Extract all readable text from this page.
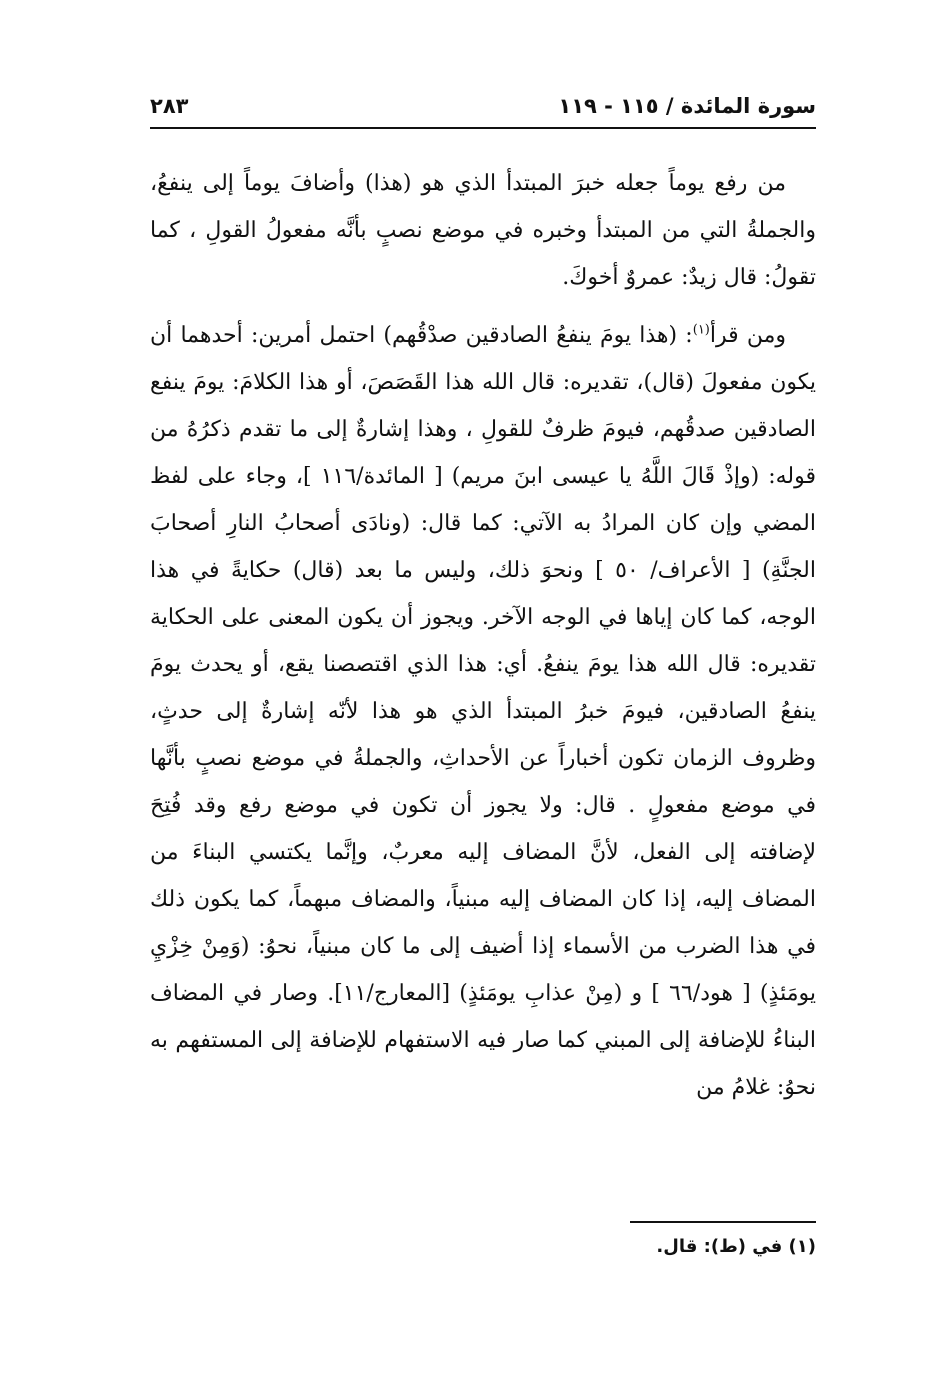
سورة المائدة / ١١٥ - ١١٩
٢٨٣

من رفع يوماً جعله خبرَ المبتدأ الذي هو (هذا) وأضافَ يوماً إلى ينفعُ، والجملةُ التي من المبتدأ وخبره في موضع نصبٍ بأنَّه مفعولُ القولِ ، كما تقولُ: قال زيدٌ: عمروٌ أخوكَ.

ومن قرأ$^{(١)}$: (هذا يومَ ينفعُ الصادقين صدْقُهم) احتمل أمرين: أحدهما أن يكون مفعولَ (قال)، تقديره: قال الله هذا القَصَصَ، أو هذا الكلامَ: يومَ ينفع الصادقين صدقُهم، فيومَ ظرفٌ للقولِ ، وهذا إشارةٌ إلى ما تقدم ذكرُهُ من قوله: (وإذْ قَالَ اللَّهُ يا عيسى ابنَ مريم) [ المائدة/١١٦ ]، وجاء على لفظ المضي وإن كان المرادُ به الآتي: كما قال: (ونادَى أصحابُ النارِ أصحابَ الجنَّةِ) [ الأعراف/ ٥٠ ] ونحوَ ذلك، وليس ما بعد (قال) حكايةً في هذا الوجه، كما كان إياها في الوجه الآخر. ويجوز أن يكون المعنى على الحكاية تقديره: قال الله هذا يومَ ينفعُ. أي: هذا الذي اقتصصنا يقع، أو يحدث يومَ ينفعُ الصادقين، فيومَ خبرُ المبتدأ الذي هو هذا لأنّه إشارةٌ إلى حدثٍ، وظروف الزمان تكون أخباراً عن الأحداثِ، والجملةُ في موضع نصبٍ بأنَّها في موضع مفعولٍ . قال: ولا يجوز أن تكون في موضع رفع وقد فُتِحَ لإضافته إلى الفعل، لأنَّ المضاف إليه معربٌ، وإنَّما يكتسي البناءَ من المضاف إليه، إذا كان المضاف إليه مبنياً، والمضاف مبهماً، كما يكون ذلك في هذا الضرب من الأسماء إذا أضيف إلى ما كان مبنياً، نحوُ: (وَمِنْ خِزْيِ يومَئذٍ) [ هود/٦٦ ] و (مِنْ عذابِ يومَئذٍ) [المعارج/١١]. وصار في المضاف البناءُ للإضافة إلى المبني كما صار فيه الاستفهام للإضافة إلى المستفهم به نحوُ: غلامُ من

(١) في (ط): قال.
